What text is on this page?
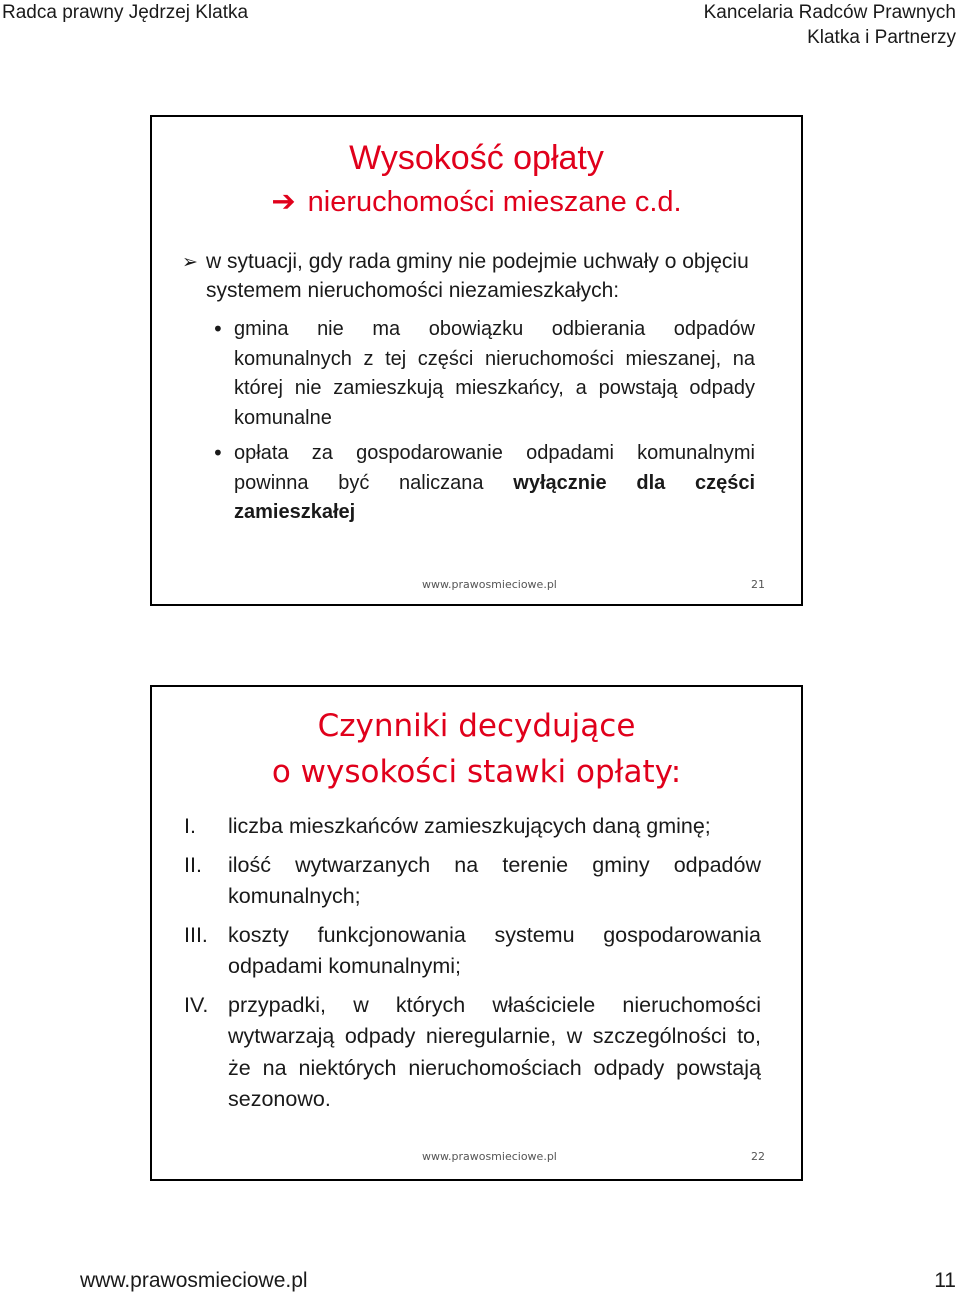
Radca prawny Jędrzej Klatka	Kancelaria Radców Prawnych
Klatka i Partnerzy
Wysokość opłaty
➔ nieruchomości mieszane c.d.
➢ w sytuacji, gdy rada gminy nie podejmie uchwały o objęciu systemem nieruchomości niezamieszkałych:
• gmina nie ma obowiązku odbierania odpadów komunalnych z tej części nieruchomości mieszanej, na której nie zamieszkują mieszkańcy, a powstają odpady komunalne
• opłata za gospodarowanie odpadami komunalnymi powinna być naliczana wyłącznie dla części zamieszkałej
www.prawosmieciowe.pl	21
Czynniki decydujące
o wysokości stawki opłaty:
I. liczba mieszkańców zamieszkujących daną gminę;
II. ilość wytwarzanych na terenie gminy odpadów komunalnych;
III. koszty funkcjonowania systemu gospodarowania odpadami komunalnymi;
IV. przypadki, w których właściciele nieruchomości wytwarzają odpady nieregularnie, w szczególności to, że na niektórych nieruchomościach odpady powstają sezonowo.
www.prawosmieciowe.pl	22
www.prawosmieciowe.pl	11
